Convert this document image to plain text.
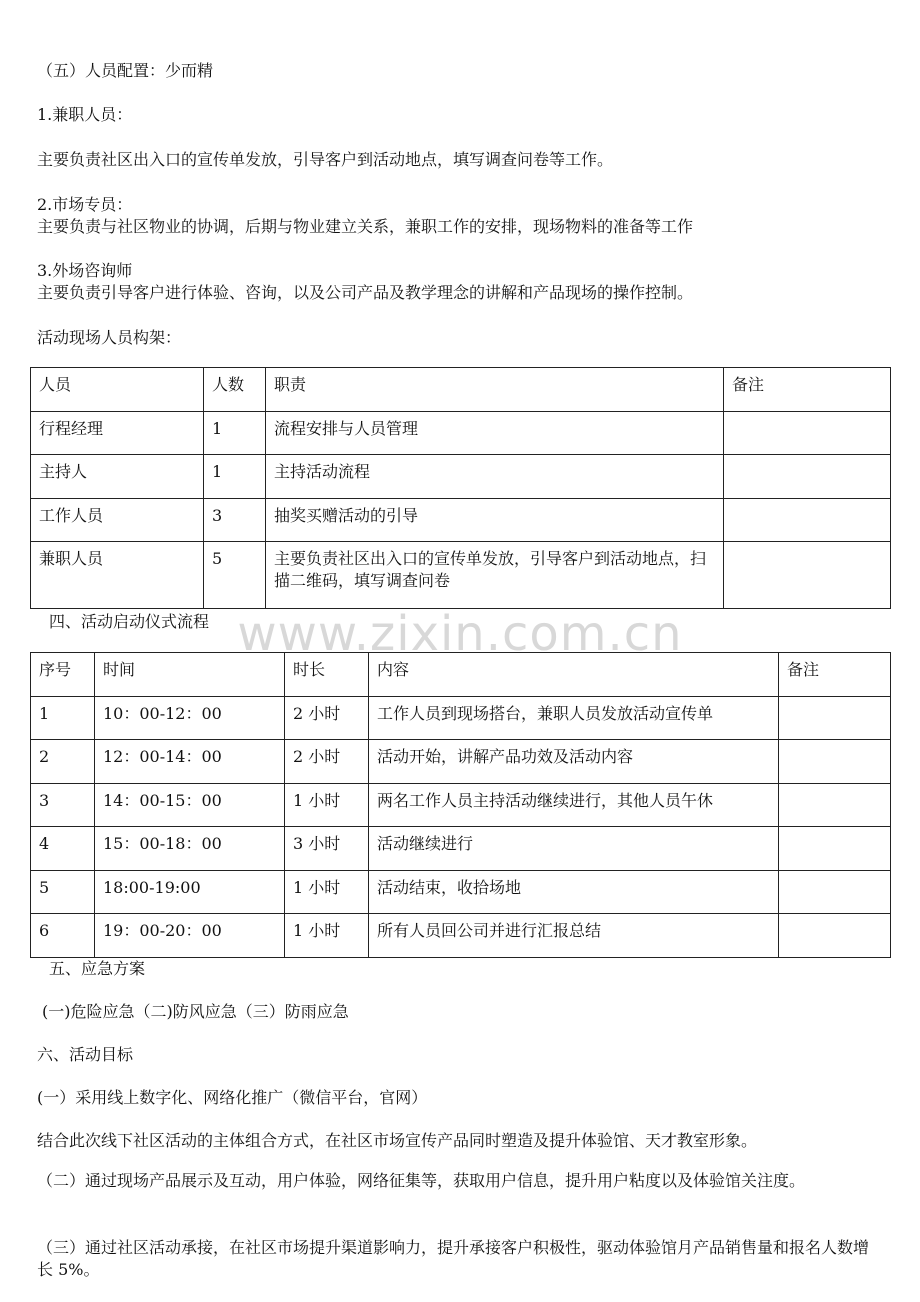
（五）人员配置：少而精
1.兼职人员：
主要负责社区出入口的宣传单发放，引导客户到活动地点，填写调查问卷等工作。
2.市场专员：
主要负责与社区物业的协调，后期与物业建立关系，兼职工作的安排，现场物料的准备等工作
3.外场咨询师
主要负责引导客户进行体验、咨询，以及公司产品及教学理念的讲解和产品现场的操作控制。
活动现场人员构架：
人员	人数	职责	备注
行程经理	1	流程安排与人员管理	
主持人	1	主持活动流程	
工作人员	3	抽奖买赠活动的引导	
兼职人员	5	主要负责社区出入口的宣传单发放，引导客户到活动地点，扫描二维码，填写调查问卷	
www.zixin.com.cn
四、活动启动仪式流程
序号	时间	时长	内容	备注
1	10：00-12：00	2 小时	工作人员到现场搭台，兼职人员发放活动宣传单	
2	12：00-14：00	2 小时	活动开始，讲解产品功效及活动内容	
3	14：00-15：00	1 小时	两名工作人员主持活动继续进行，其他人员午休	
4	15：00-18：00	3 小时	活动继续进行	
5	18:00-19:00	1 小时	活动结束，收拾场地	
6	19：00-20：00	1 小时	所有人员回公司并进行汇报总结	
五、应急方案
(一)危险应急（二)防风应急（三）防雨应急
六、活动目标
(一）采用线上数字化、网络化推广（微信平台，官网）
结合此次线下社区活动的主体组合方式，在社区市场宣传产品同时塑造及提升体验馆、天才教室形象。
（二）通过现场产品展示及互动，用户体验，网络征集等，获取用户信息，提升用户粘度以及体验馆关注度。
（三）通过社区活动承接，在社区市场提升渠道影响力，提升承接客户积极性，驱动体验馆月产品销售量和报名人数增长 5%。
